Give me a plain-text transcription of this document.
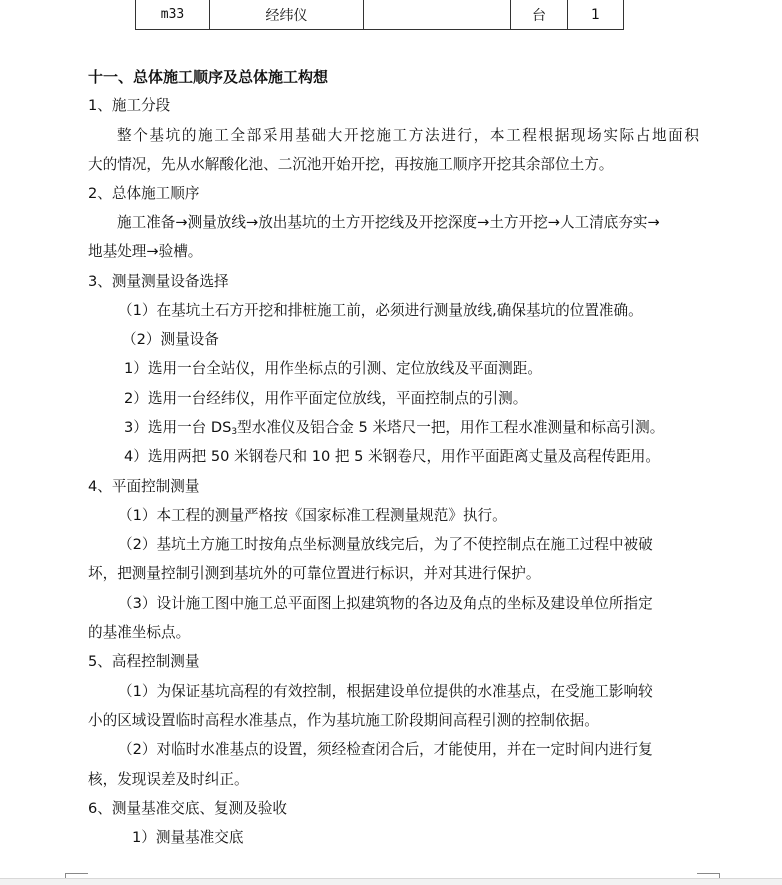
m33	经纬仪		台	1
十一、总体施工顺序及总体施工构想
1、施工分段
整个基坑的施工全部采用基础大开挖施工方法进行，本工程根据现场实际占地面积
大的情况，先从水解酸化池、二沉池开始开挖，再按施工顺序开挖其余部位土方。
2、总体施工顺序
施工准备→测量放线→放出基坑的土方开挖线及开挖深度→土方开挖→人工清底夯实→
地基处理→验槽。
3、测量测量设备选择
（1）在基坑土石方开挖和排桩施工前，必须进行测量放线,确保基坑的位置准确。
（2）测量设备
1）选用一台全站仪，用作坐标点的引测、定位放线及平面测距。
2）选用一台经纬仪，用作平面定位放线，平面控制点的引测。
3）选用一台 $DS_3$型水准仪及铝合金 5 米塔尺一把，用作工程水准测量和标高引测。
4）选用两把 50 米钢卷尺和 10 把 5 米钢卷尺，用作平面距离丈量及高程传距用。
4、平面控制测量
（1）本工程的测量严格按《国家标准工程测量规范》执行。
（2）基坑土方施工时按角点坐标测量放线完后，为了不使控制点在施工过程中被破
坏，把测量控制引测到基坑外的可靠位置进行标识，并对其进行保护。
（3）设计施工图中施工总平面图上拟建筑物的各边及角点的坐标及建设单位所指定
的基准坐标点。
5、高程控制测量
（1）为保证基坑高程的有效控制，根据建设单位提供的水准基点，在受施工影响较
小的区域设置临时高程水准基点，作为基坑施工阶段期间高程引测的控制依据。
（2）对临时水准基点的设置，须经检查闭合后，才能使用，并在一定时间内进行复
核，发现误差及时纠正。
6、测量基准交底、复测及验收
1）测量基准交底
